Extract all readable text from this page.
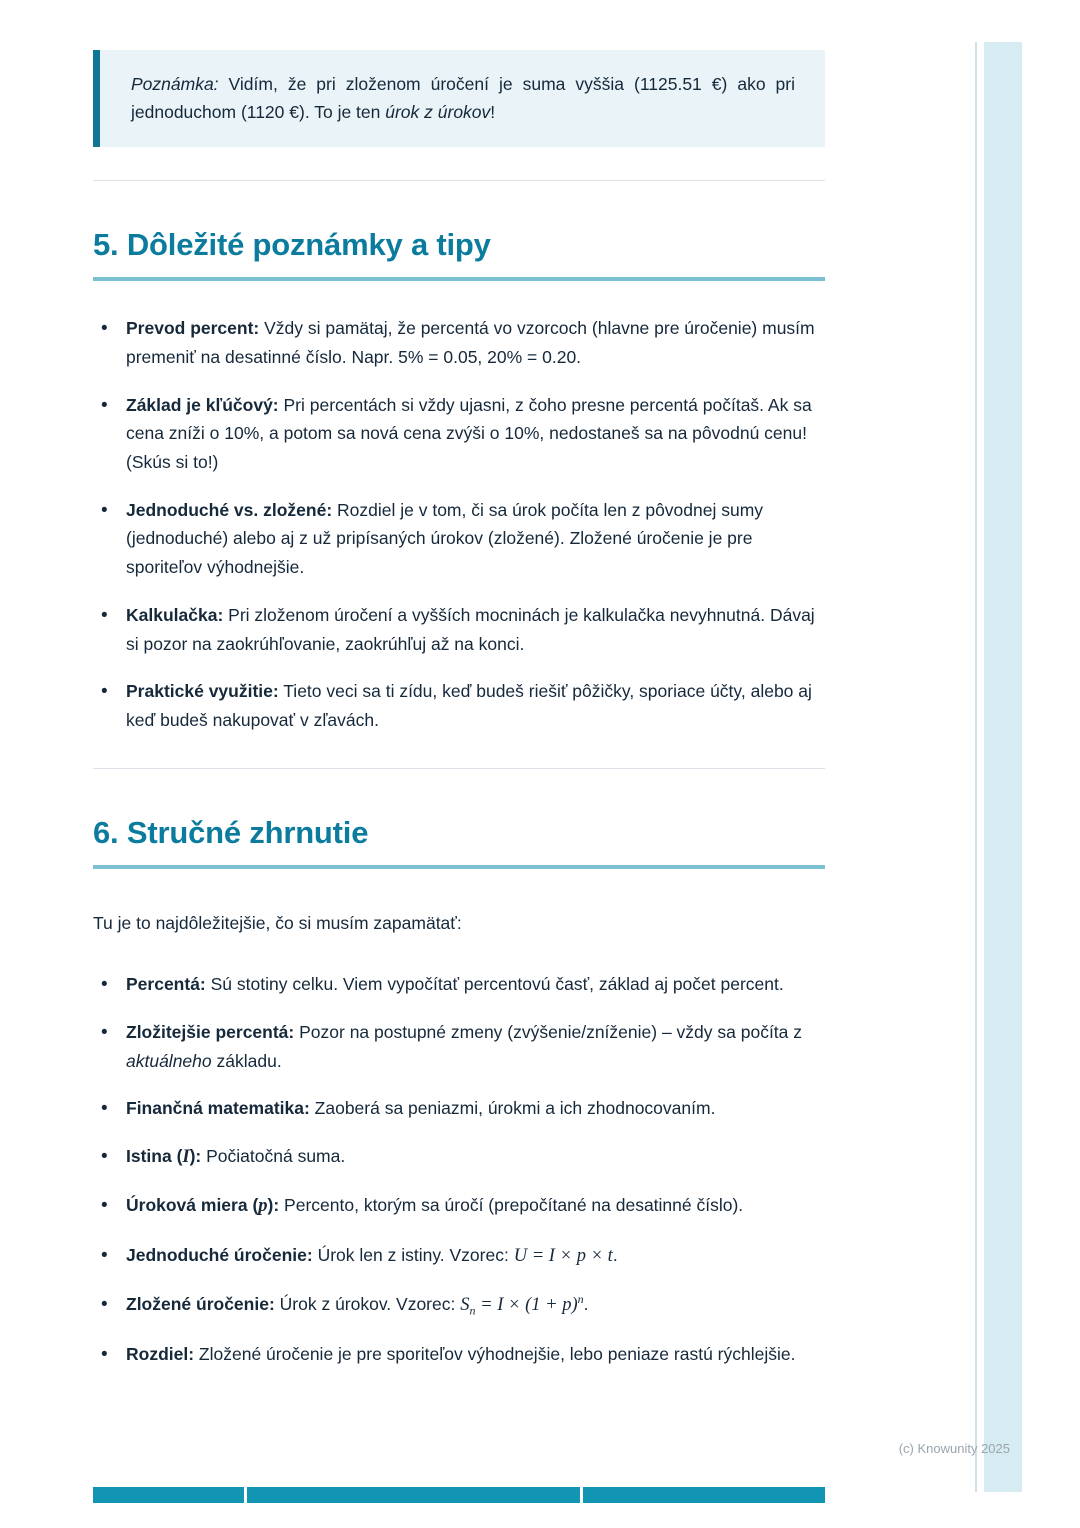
Poznámka: Vidím, že pri zloženom úročení je suma vyššia (1125.51 €) ako pri jednoduchom (1120 €). To je ten úrok z úrokov!
5. Dôležité poznámky a tipy
• Prevod percent: Vždy si pamätaj, že percentá vo vzorcoch (hlavne pre úročenie) musím premeniť na desatinné číslo. Napr. 5% = 0.05, 20% = 0.20.
• Základ je kľúčový: Pri percentách si vždy ujasni, z čoho presne percentá počítaš. Ak sa cena zníži o 10%, a potom sa nová cena zvýši o 10%, nedostaneš sa na pôvodnú cenu! (Skús si to!)
• Jednoduché vs. zložené: Rozdiel je v tom, či sa úrok počíta len z pôvodnej sumy (jednoduché) alebo aj z už pripísaných úrokov (zložené). Zložené úročenie je pre sporiteľov výhodnejšie.
• Kalkulačka: Pri zloženom úročení a vyšších mocninách je kalkulačka nevyhnutná. Dávaj si pozor na zaokrúhľovanie, zaokrúhľuj až na konci.
• Praktické využitie: Tieto veci sa ti zídu, keď budeš riešiť pôžičky, sporiace účty, alebo aj keď budeš nakupovať v zľavách.
6. Stručné zhrnutie

Tu je to najdôležitejšie, čo si musím zapamätať:

• Percentá: Sú stotiny celku. Viem vypočítať percentovú časť, základ aj počet percent.
• Zložitejšie percentá: Pozor na postupné zmeny (zvýšenie/zníženie) – vždy sa počíta z aktuálneho základu.
• Finančná matematika: Zaoberá sa peniazmi, úrokmi a ich zhodnocovaním.
• Istina (I): Počiatočná suma.
• Úroková miera (p): Percento, ktorým sa úročí (prepočítané na desatinné číslo).
• Jednoduché úročenie: Úrok len z istiny. Vzorec: U = I × p × t.
• Zložené úročenie: Úrok z úrokov. Vzorec: $S_n = I \times (1 + p)^n$.
• Rozdiel: Zložené úročenie je pre sporiteľov výhodnejšie, lebo peniaze rastú rýchlejšie.
(c) Knowunity 2025
